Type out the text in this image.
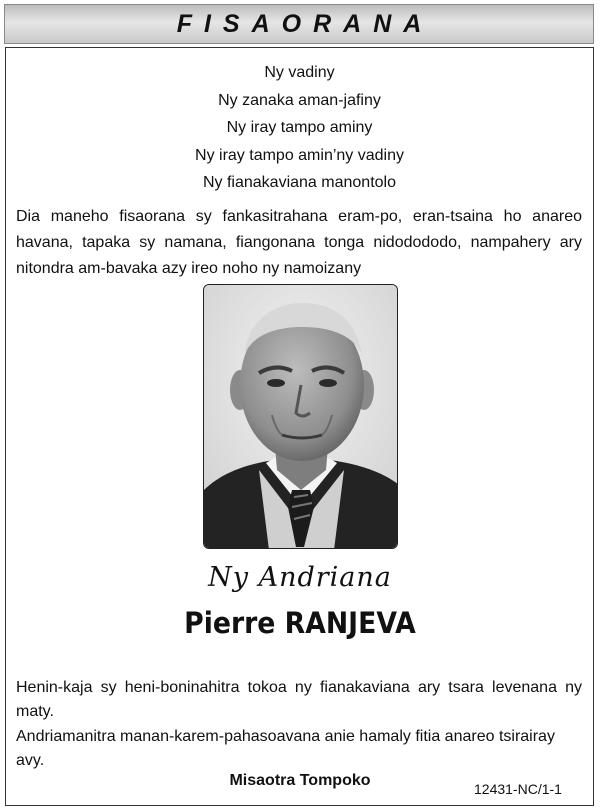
FISAORANA
Ny vadiny
Ny zanaka aman-jafiny
Ny iray tampo aminy
Ny iray tampo amin’ny vadiny
Ny fianakaviana manontolo
Dia maneho fisaorana sy fankasitrahana eram-po, eran-tsaina ho anareo havana, tapaka sy namana, fiangonana tonga nidodododo, nampahery ary nitondra am-bavaka azy ireo noho ny namoizany
Ny Andriana
Pierre RANJEVA
Henin-kaja sy heni-boninahitra tokoa ny fianakaviana ary tsara levenana ny maty.
Andriamanitra manan-karem-pahasoavana anie hamaly fitia anareo tsirairay avy.
Misaotra Tompoko	12431-NC/1-1
